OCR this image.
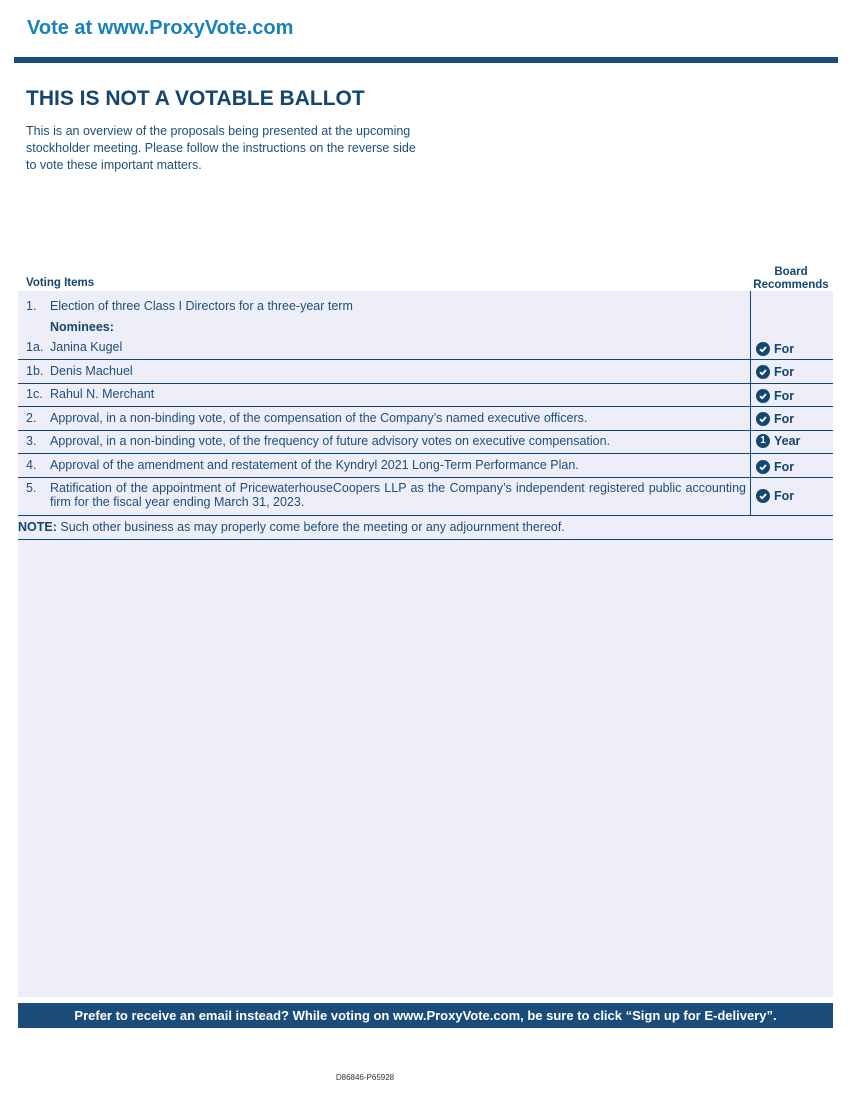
Vote at www.ProxyVote.com
THIS IS NOT A VOTABLE BALLOT
This is an overview of the proposals being presented at the upcoming stockholder meeting. Please follow the instructions on the reverse side to vote these important matters.
Voting Items
Board
Recommends
1. Election of three Class I Directors for a three-year term
Nominees:
1a. Janina Kugel	For
1b. Denis Machuel	For
1c. Rahul N. Merchant	For
2. Approval, in a non-binding vote, of the compensation of the Company’s named executive officers.	For
3. Approval, in a non-binding vote, of the frequency of future advisory votes on executive compensation.	1 Year
4. Approval of the amendment and restatement of the Kyndryl 2021 Long-Term Performance Plan.	For
5.	Ratification of the appointment of PricewaterhouseCoopers LLP as the Company’s independent registered public accounting firm for the fiscal year ending March 31, 2023.	For
NOTE: Such other business as may properly come before the meeting or any adjournment thereof.
Prefer to receive an email instead? While voting on www.ProxyVote.com, be sure to click “Sign up for E-delivery”.
D86846-P65928
